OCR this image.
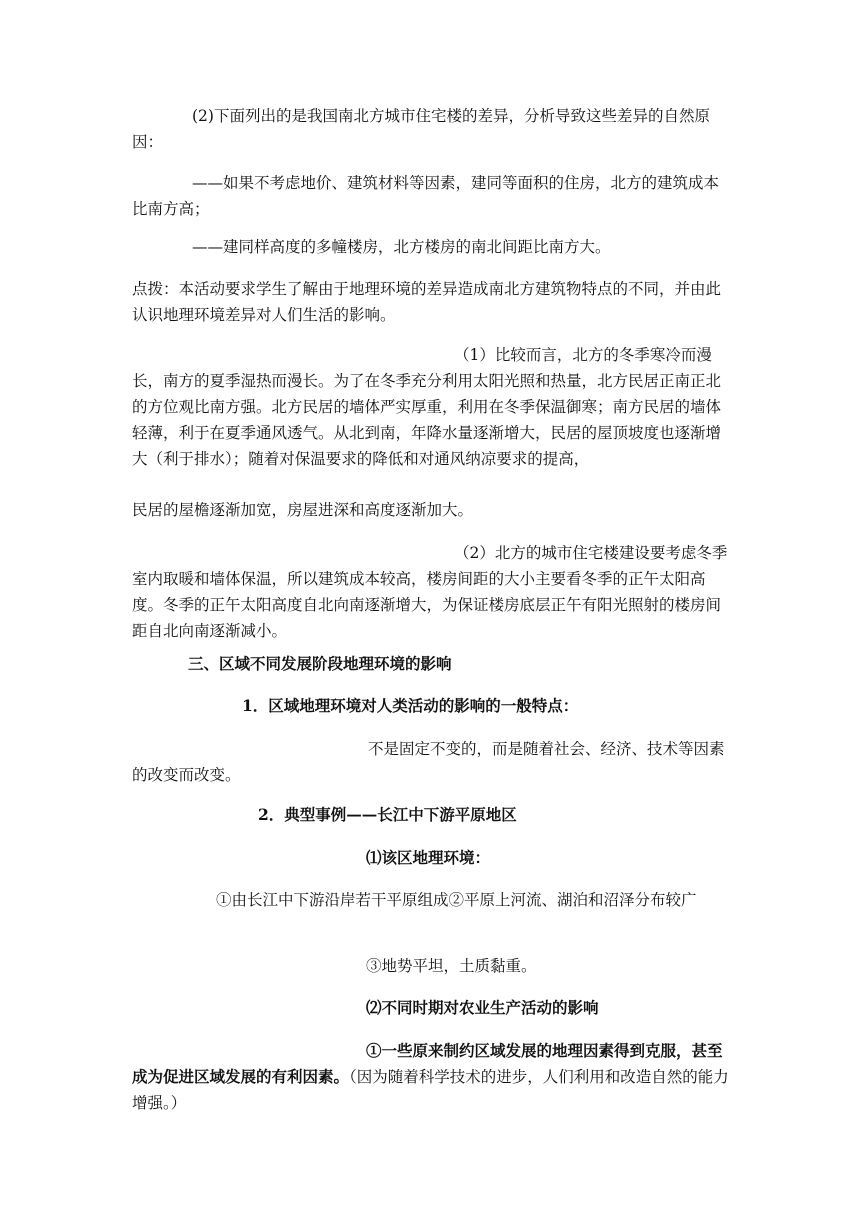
(2)下面列出的是我国南北方城市住宅楼的差异，分析导致这些差异的自然原因：

——如果不考虑地价、建筑材料等因素，建同等面积的住房，北方的建筑成本比南方高；

——建同样高度的多幢楼房，北方楼房的南北间距比南方大。

点拨：本活动要求学生了解由于地理环境的差异造成南北方建筑物特点的不同，并由此认识地理环境差异对人们生活的影响。

（1）比较而言，北方的冬季寒冷而漫长，南方的夏季湿热而漫长。为了在冬季充分利用太阳光照和热量，北方民居正南正北的方位观比南方强。北方民居的墙体严实厚重，利用在冬季保温御寒；南方民居的墙体轻薄，利于在夏季通风透气。从北到南，年降水量逐渐增大，民居的屋顶坡度也逐渐增大（利于排水）；随着对保温要求的降低和对通风纳凉要求的提高，

民居的屋檐逐渐加宽，房屋进深和高度逐渐加大。

（2）北方的城市住宅楼建设要考虑冬季室内取暖和墙体保温，所以建筑成本较高，楼房间距的大小主要看冬季的正午太阳高度。冬季的正午太阳高度自北向南逐渐增大，为保证楼房底层正午有阳光照射的楼房间距自北向南逐渐减小。

三、区域不同发展阶段地理环境的影响

1．区域地理环境对人类活动的影响的一般特点：

不是固定不变的，而是随着社会、经济、技术等因素的改变而改变。

2．典型事例——长江中下游平原地区

⑴该区地理环境：

①由长江中下游沿岸若干平原组成②平原上河流、湖泊和沼泽分布较广

③地势平坦，土质黏重。

⑵不同时期对农业生产活动的影响

①一些原来制约区域发展的地理因素得到克服，甚至成为促进区域发展的有利因素。（因为随着科学技术的进步，人们利用和改造自然的能力增强。）
